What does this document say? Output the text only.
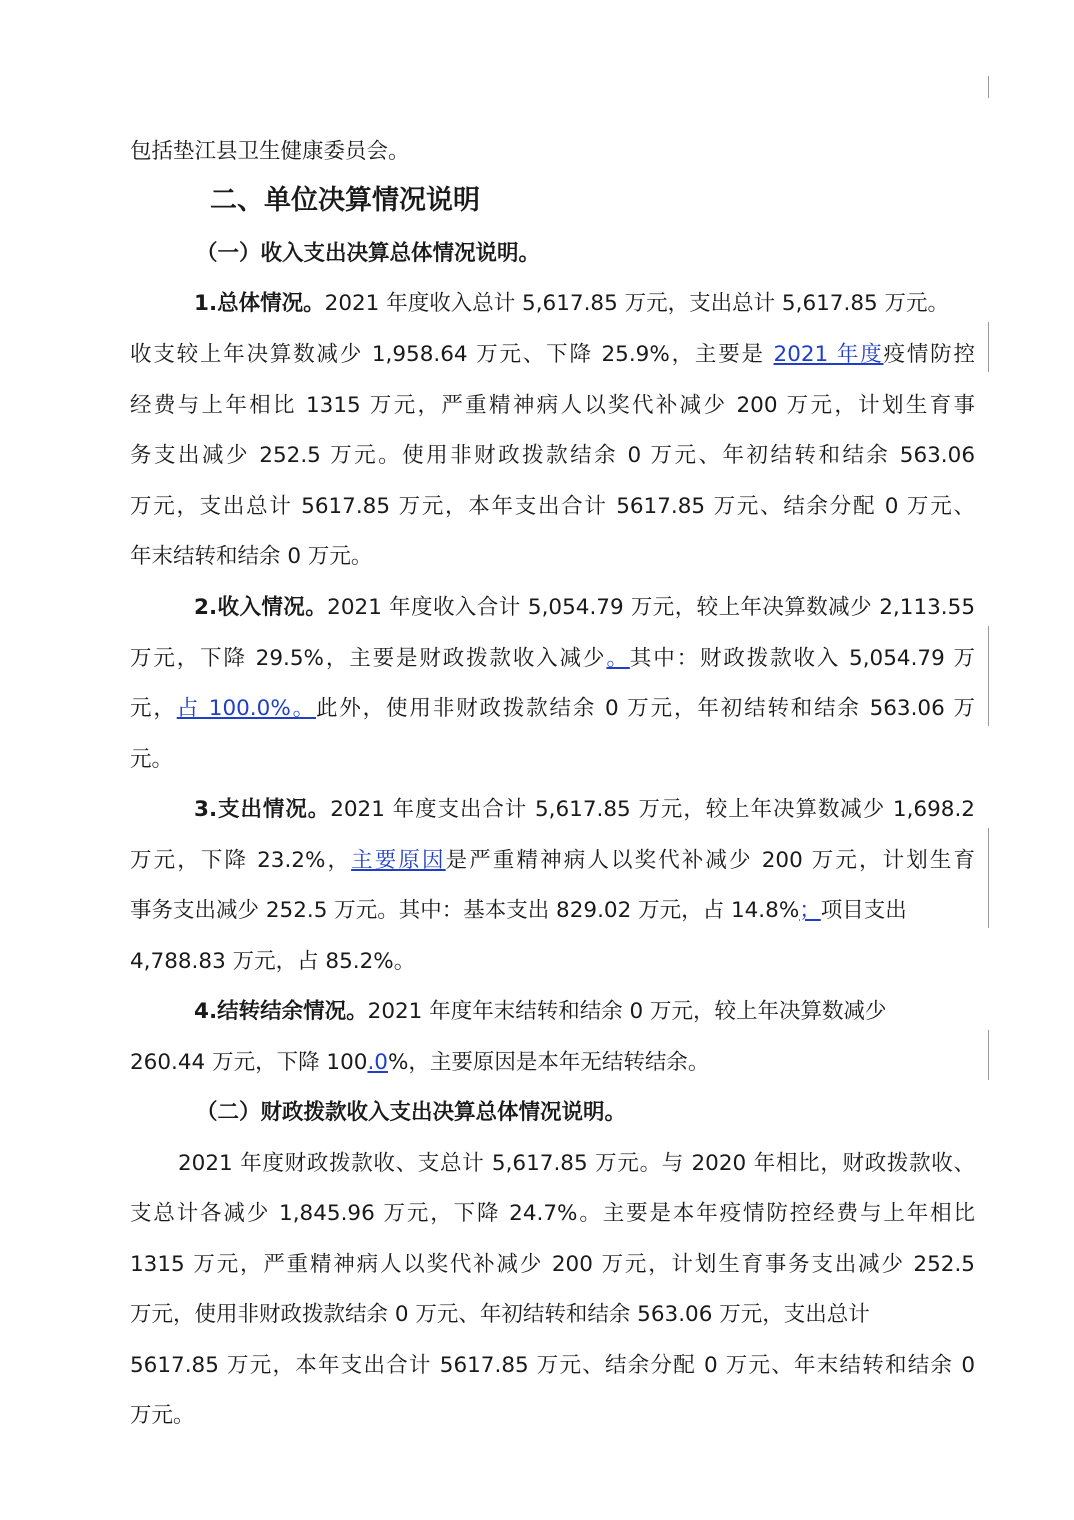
包括垫江县卫生健康委员会。
二、单位决算情况说明
（一）收入支出决算总体情况说明。
1.总体情况。2021 年度收入总计 5,617.85 万元，支出总计 5,617.85 万元。
收支较上年决算数减少 1,958.64 万元、下降 25.9%，主要是 2021 年度疫情防控
经费与上年相比 1315 万元，严重精神病人以奖代补减少 200 万元，计划生育事
务支出减少 252.5 万元。使用非财政拨款结余 0 万元、年初结转和结余 563.06
万元，支出总计 5617.85 万元，本年支出合计 5617.85 万元、结余分配 0 万元、
年末结转和结余 0 万元。
2.收入情况。2021 年度收入合计 5,054.79 万元，较上年决算数减少 2,113.55
万元，下降 29.5%，主要是财政拨款收入减少。其中：财政拨款收入 5,054.79 万
元，占 100.0%。此外，使用非财政拨款结余 0 万元，年初结转和结余 563.06 万
元。
3.支出情况。2021 年度支出合计 5,617.85 万元，较上年决算数减少 1,698.2
万元，下降 23.2%，主要原因是严重精神病人以奖代补减少 200 万元，计划生育
事务支出减少 252.5 万元。其中：基本支出 829.02 万元，占 14.8%；项目支出
4,788.83 万元，占 85.2%。
4.结转结余情况。2021 年度年末结转和结余 0 万元，较上年决算数减少
260.44 万元，下降 100.0%，主要原因是本年无结转结余。
（二）财政拨款收入支出决算总体情况说明。
2021 年度财政拨款收、支总计 5,617.85 万元。与 2020 年相比，财政拨款收、
支总计各减少 1,845.96 万元，下降 24.7%。主要是本年疫情防控经费与上年相比
1315 万元，严重精神病人以奖代补减少 200 万元，计划生育事务支出减少 252.5
万元，使用非财政拨款结余 0 万元、年初结转和结余 563.06 万元，支出总计
5617.85 万元，本年支出合计 5617.85 万元、结余分配 0 万元、年末结转和结余 0
万元。
